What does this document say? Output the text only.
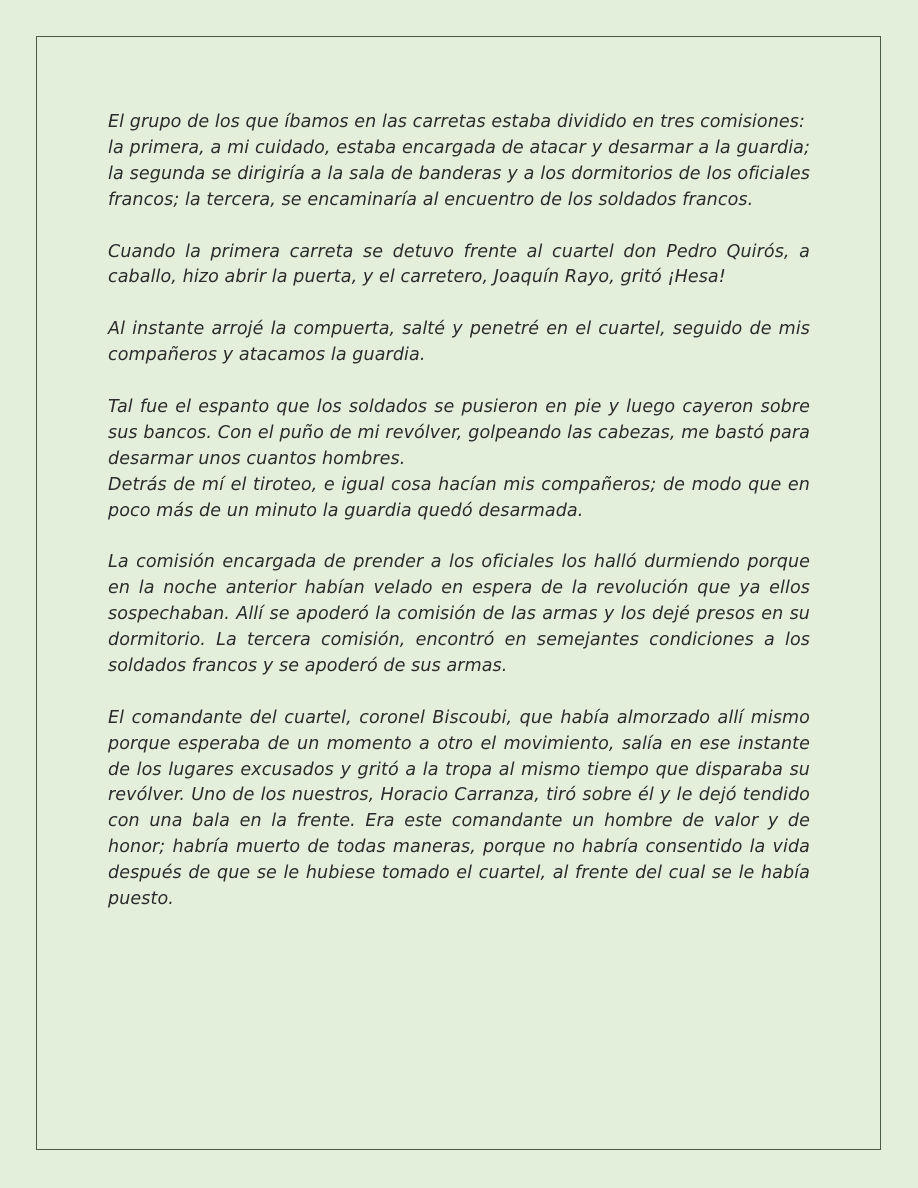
El grupo de los que íbamos en las carretas estaba dividido en tres comisiones:

la primera, a mi cuidado, estaba encargada de atacar y desarmar a la guardia; la segunda se dirigiría a la sala de banderas y a los dormitorios de los oficiales francos; la tercera, se encaminaría al encuentro de los soldados francos.

Cuando la primera carreta se detuvo frente al cuartel don Pedro Quirós, a caballo, hizo abrir la puerta, y el carretero, Joaquín Rayo, gritó ¡Hesa!

Al instante arrojé la compuerta, salté y penetré en el cuartel, seguido de mis compañeros y atacamos la guardia.

Tal fue el espanto que los soldados se pusieron en pie y luego cayeron sobre sus bancos. Con el puño de mi revólver, golpeando las cabezas, me bastó para desarmar unos cuantos hombres.

Detrás de mí el tiroteo, e igual cosa hacían mis compañeros; de modo que en poco más de un minuto la guardia quedó desarmada.

La comisión encargada de prender a los oficiales los halló durmiendo porque en la noche anterior habían velado en espera de la revolución que ya ellos sospechaban. Allí se apoderó la comisión de las armas y los dejé presos en su dormitorio. La tercera comisión, encontró en semejantes condiciones a los soldados francos y se apoderó de sus armas.

El comandante del cuartel, coronel Biscoubi, que había almorzado allí mismo porque esperaba de un momento a otro el movimiento, salía en ese instante de los lugares excusados y gritó a la tropa al mismo tiempo que disparaba su revólver. Uno de los nuestros, Horacio Carranza, tiró sobre él y le dejó tendido con una bala en la frente. Era este comandante un hombre de valor y de honor; habría muerto de todas maneras, porque no habría consentido la vida después de que se le hubiese tomado el cuartel, al frente del cual se le había puesto.
